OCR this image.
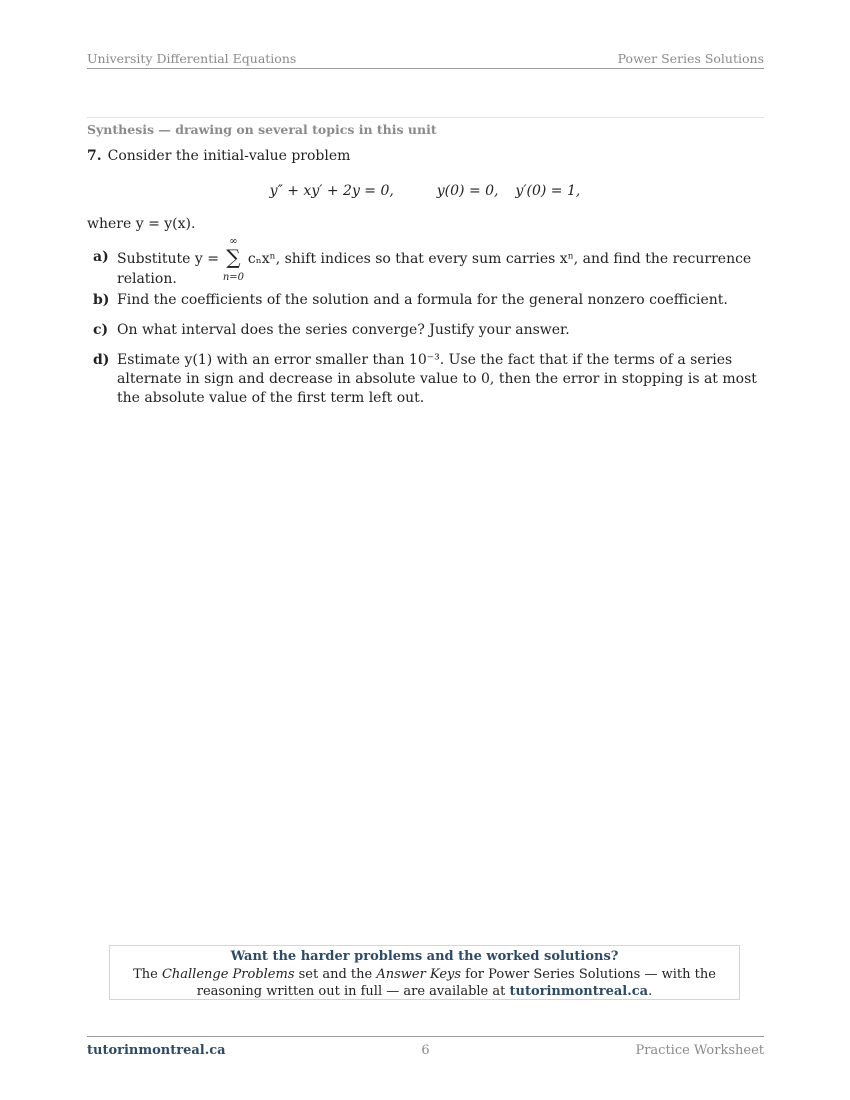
University Differential Equations	Power Series Solutions
Synthesis — drawing on several topics in this unit
7. Consider the initial-value problem
y″ + xy′ + 2y = 0,	y(0) = 0, y′(0) = 1,
where y = y(x).
a) Substitute y =
∞
∑
n=0
cₙxⁿ, shift indices so that every sum carries xⁿ, and find the recurrence relation.
b) Find the coefficients of the solution and a formula for the general nonzero coefficient.
c) On what interval does the series converge? Justify your answer.
d) Estimate y(1) with an error smaller than 10⁻³. Use the fact that if the terms of a series alternate in sign and decrease in absolute value to 0, then the error in stopping is at most the absolute value of the first term left out.
Want the harder problems and the worked solutions?
The Challenge Problems set and the Answer Keys for Power Series Solutions — with the reasoning written out in full — are available at tutorinmontreal.ca.
tutorinmontreal.ca	6	Practice Worksheet
